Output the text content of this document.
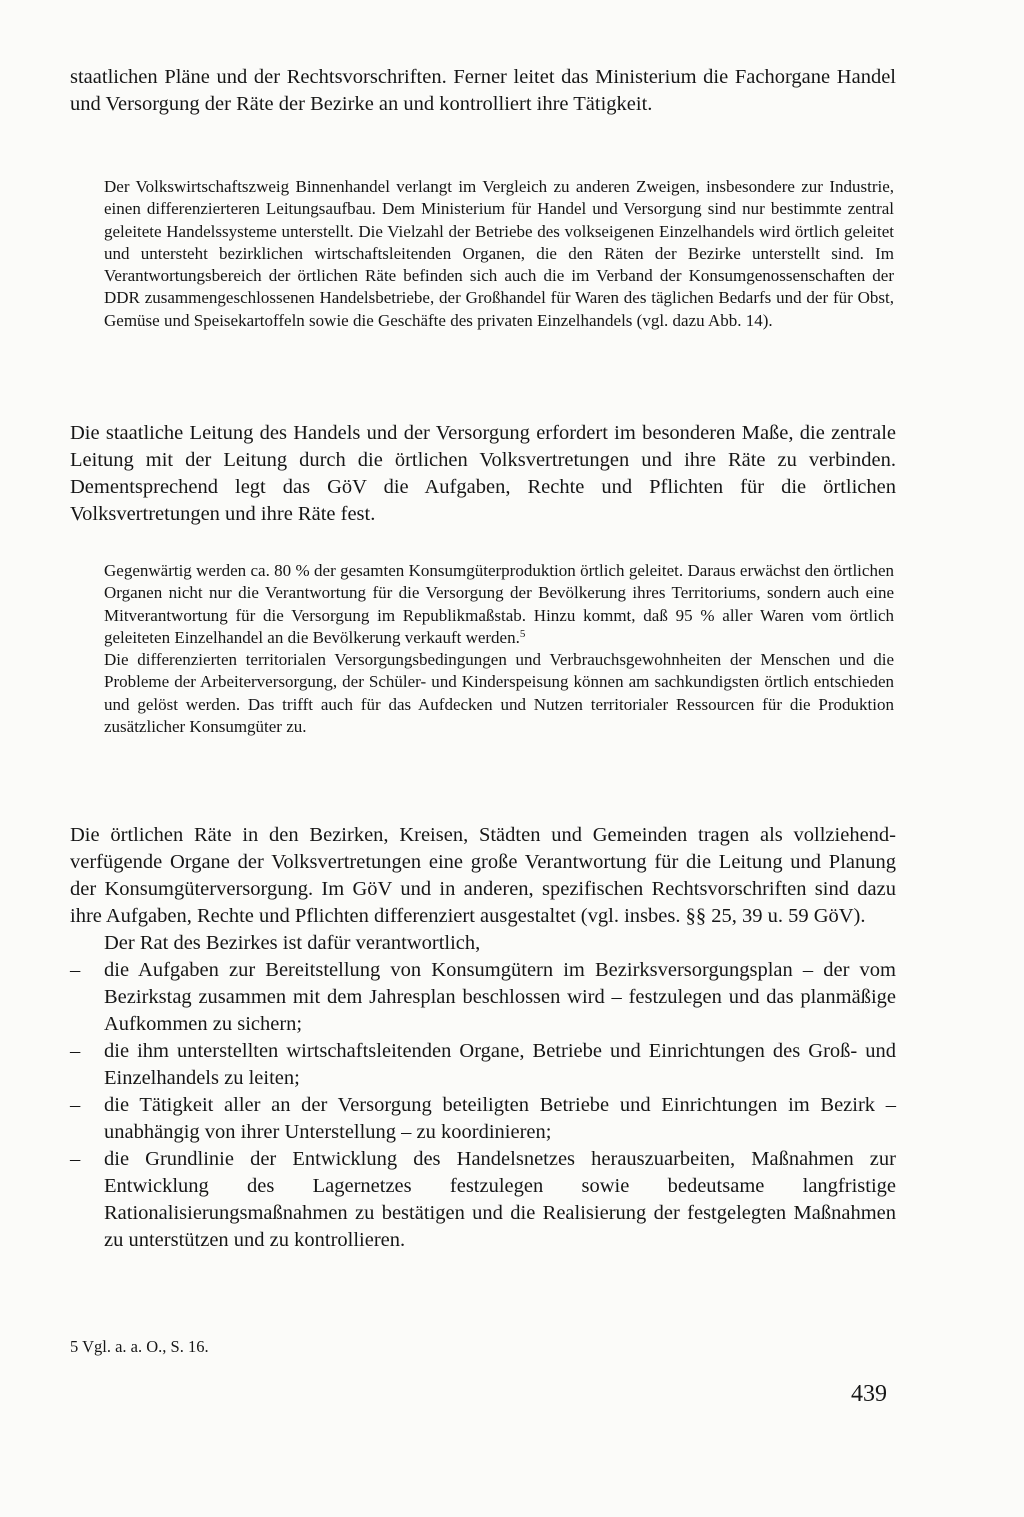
staatlichen Pläne und der Rechtsvorschriften. Ferner leitet das Ministerium die Fachorgane Handel und Versorgung der Räte der Bezirke an und kontrolliert ihre Tätigkeit.

Der Volkswirtschaftszweig Binnenhandel verlangt im Vergleich zu anderen Zweigen, insbesondere zur Industrie, einen differenzierteren Leitungsaufbau. Dem Ministerium für Handel und Versorgung sind nur bestimmte zentral geleitete Handelssysteme unterstellt. Die Vielzahl der Betriebe des volkseigenen Einzelhandels wird örtlich geleitet und untersteht bezirklichen wirtschaftsleitenden Organen, die den Räten der Bezirke unterstellt sind. Im Verantwortungsbereich der örtlichen Räte befinden sich auch die im Verband der Konsumgenossenschaften der DDR zusammengeschlossenen Handelsbetriebe, der Großhandel für Waren des täglichen Bedarfs und der für Obst, Gemüse und Speisekartoffeln sowie die Geschäfte des privaten Einzelhandels (vgl. dazu Abb. 14).

Die staatliche Leitung des Handels und der Versorgung erfordert im besonderen Maße, die zentrale Leitung mit der Leitung durch die örtlichen Volksvertretungen und ihre Räte zu verbinden. Dementsprechend legt das GöV die Aufgaben, Rechte und Pflichten für die örtlichen Volksvertretungen und ihre Räte fest.

Gegenwärtig werden ca. 80 % der gesamten Konsumgüterproduktion örtlich geleitet. Daraus erwächst den örtlichen Organen nicht nur die Verantwortung für die Versorgung der Bevölkerung ihres Territoriums, sondern auch eine Mitverantwortung für die Versorgung im Republikmaßstab. Hinzu kommt, daß 95 % aller Waren vom örtlich geleiteten Einzelhandel an die Bevölkerung verkauft werden.$^5$

Die differenzierten territorialen Versorgungsbedingungen und Verbrauchsgewohnheiten der Menschen und die Probleme der Arbeiterversorgung, der Schüler- und Kinderspeisung können am sachkundigsten örtlich entschieden und gelöst werden. Das trifft auch für das Aufdecken und Nutzen territorialer Ressourcen für die Produktion zusätzlicher Konsumgüter zu.

Die örtlichen Räte in den Bezirken, Kreisen, Städten und Gemeinden tragen als vollziehend-verfügende Organe der Volksvertretungen eine große Verantwortung für die Leitung und Planung der Konsumgüterversorgung. Im GöV und in anderen, spezifischen Rechtsvorschriften sind dazu ihre Aufgaben, Rechte und Pflichten differenziert ausgestaltet (vgl. insbes. §§ 25, 39 u. 59 GöV).

Der Rat des Bezirkes ist dafür verantwortlich,

– die Aufgaben zur Bereitstellung von Konsumgütern im Bezirksversorgungsplan – der vom Bezirkstag zusammen mit dem Jahresplan beschlossen wird – festzulegen und das planmäßige Aufkommen zu sichern;
– die ihm unterstellten wirtschaftsleitenden Organe, Betriebe und Einrichtungen des Groß- und Einzelhandels zu leiten;
– die Tätigkeit aller an der Versorgung beteiligten Betriebe und Einrichtungen im Bezirk – unabhängig von ihrer Unterstellung – zu koordinieren;
– die Grundlinie der Entwicklung des Handelsnetzes herauszuarbeiten, Maßnahmen zur Entwicklung des Lagernetzes festzulegen sowie bedeutsame langfristige Rationalisierungsmaßnahmen zu bestätigen und die Realisierung der festgelegten Maßnahmen zu unterstützen und zu kontrollieren.
5 Vgl. a. a. O., S. 16.
439
